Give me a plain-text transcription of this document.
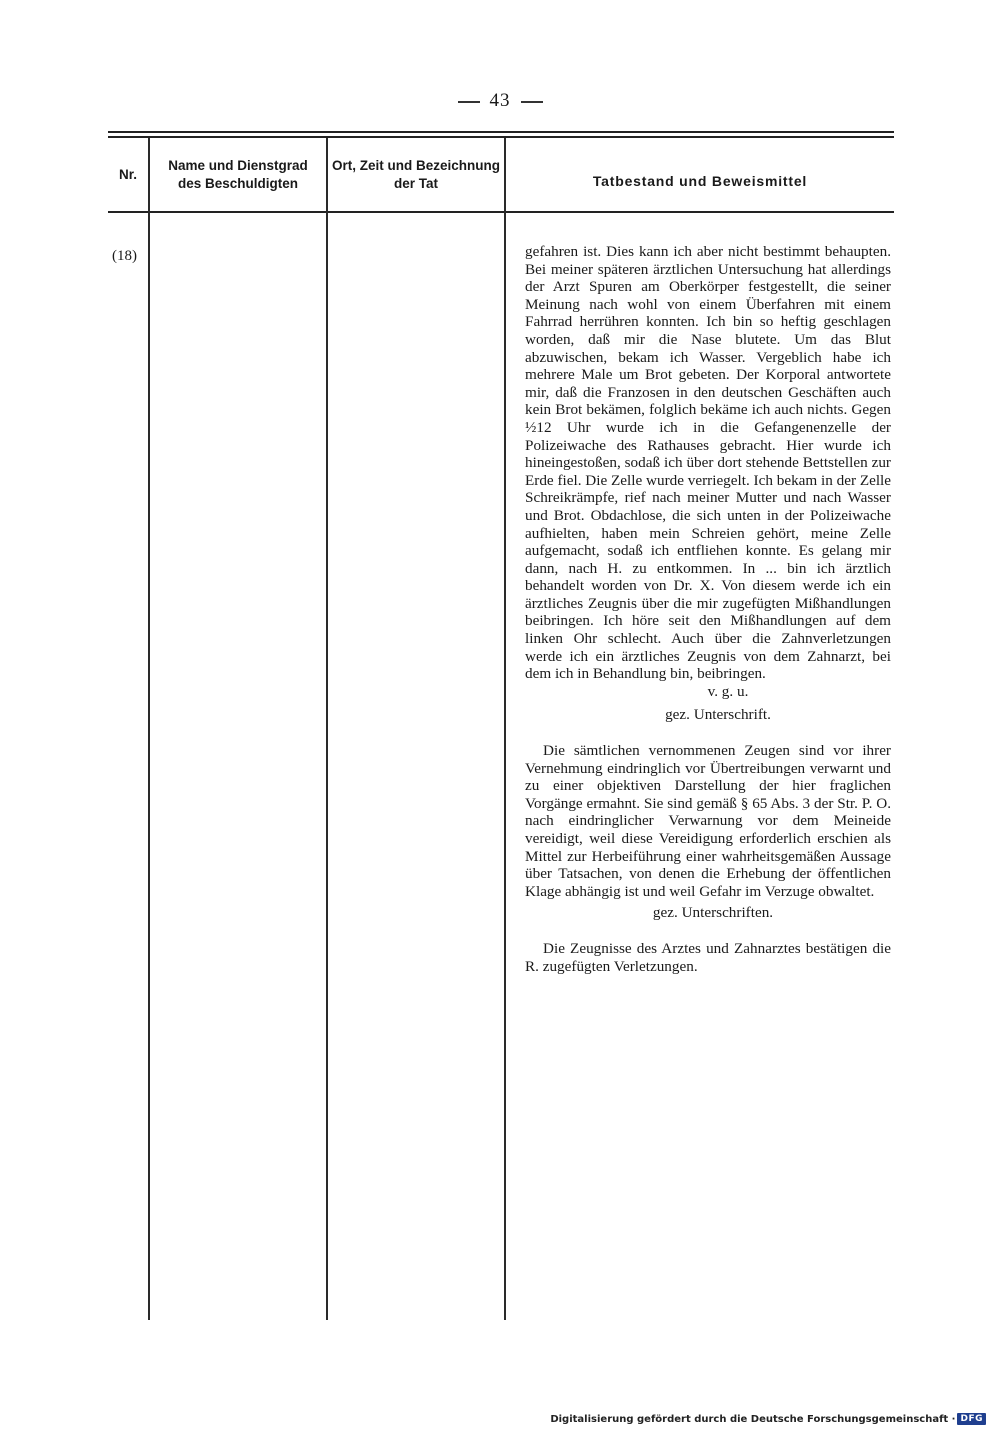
43
Nr.
Name und Dienstgrad
des Beschuldigten
Ort, Zeit und Bezeichnung
der Tat	Tatbestand und Beweismittel
(18)	gefahren ist. Dies kann ich aber nicht bestimmt behaupten. Bei meiner späteren ärztlichen Untersuchung hat allerdings der Arzt Spuren am Oberkörper festgestellt, die seiner Meinung nach wohl von einem Überfahren mit einem Fahrrad herrühren konnten. Ich bin so heftig geschlagen worden, daß mir die Nase blutete. Um das Blut abzuwischen, bekam ich Wasser. Vergeblich habe ich mehrere Male um Brot gebeten. Der Korporal antwortete mir, daß die Franzosen in den deutschen Geschäften auch kein Brot bekämen, folglich bekäme ich auch nichts. Gegen ½12 Uhr wurde ich in die Gefangenenzelle der Polizeiwache des Rathauses gebracht. Hier wurde ich hineingestoßen, sodaß ich über dort stehende Bettstellen zur Erde fiel. Die Zelle wurde verriegelt. Ich bekam in der Zelle Schreikrämpfe, rief nach meiner Mutter und nach Wasser und Brot. Obdachlose, die sich unten in der Polizeiwache aufhielten, haben mein Schreien gehört, meine Zelle aufgemacht, sodaß ich entfliehen konnte. Es gelang mir dann, nach H. zu entkommen. In ... bin ich ärztlich behandelt worden von Dr. X. Von diesem werde ich ein ärztliches Zeugnis über die mir zugefügten Mißhandlungen beibringen. Ich höre seit den Mißhandlungen auf dem linken Ohr schlecht. Auch über die Zahnverletzungen werde ich ein ärztliches Zeugnis von dem Zahnarzt, bei dem ich in Behandlung bin, beibringen.

v. g. u.

gez. Unterschrift.

Die sämtlichen vernommenen Zeugen sind vor ihrer Vernehmung eindringlich vor Übertreibungen verwarnt und zu einer objektiven Darstellung der hier fraglichen Vorgänge ermahnt. Sie sind gemäß § 65 Abs. 3 der Str. P. O. nach eindringlicher Verwarnung vor dem Meineide vereidigt, weil diese Vereidigung erforderlich erschien als Mittel zur Herbeiführung einer wahrheitsgemäßen Aussage über Tatsachen, von denen die Erhebung der öffentlichen Klage abhängig ist und weil Gefahr im Verzuge obwaltet.

gez. Unterschriften.

Die Zeugnisse des Arztes und Zahnarztes bestätigen die R. zugefügten Verletzungen.

Digitalisierung gefördert durch die Deutsche Forschungsgemeinschaft · DFG
